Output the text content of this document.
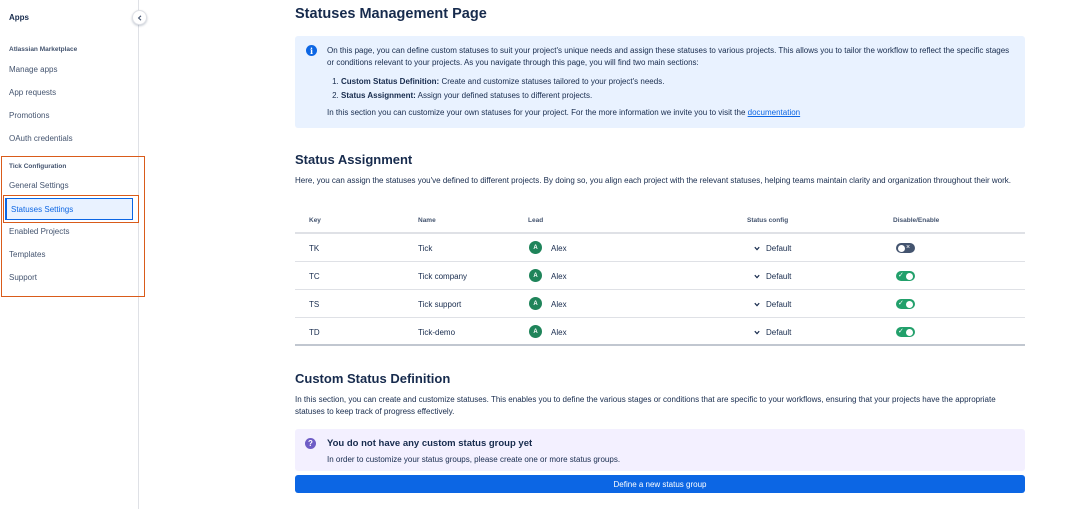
Apps
Atlassian Marketplace
Manage apps
App requests
Promotions
OAuth credentials
Tick Configuration
General Settings
Statuses Settings
Enabled Projects
Templates
Support
Statuses Management Page
i	On this page, you can define custom statuses to suit your project's unique needs and assign these statuses to various projects. This allows you to tailor the workflow to reflect the specific stages or conditions relevant to your projects. As you navigate through this page, you will find two main sections:

1. Custom Status Definition: Create and customize statuses tailored to your project's needs.
2. Status Assignment: Assign your defined statuses to different projects.

In this section you can customize your own statuses for your project. For the more information we invite you to visit the documentation

Status Assignment

Here, you can assign the statuses you've defined to different projects. By doing so, you align each project with the relevant statuses, helping teams maintain clarity and organization throughout their work.

Key	Name	Lead	Status config	Disable/Enable
TK	Tick	A	Alex	Default	×
TC	Tick company	A	Alex	Default	✓
TS	Tick support	A	Alex	Default	✓
TD	Tick-demo	A	Alex	Default	✓
Custom Status Definition

In this section, you can create and customize statuses. This enables you to define the various stages or conditions that are specific to your workflows, ensuring that your projects have the appropriate statuses to keep track of progress effectively.

?	You do not have any custom status group yet
In order to customize your status groups, please create one or more status groups.
Define a new status group
